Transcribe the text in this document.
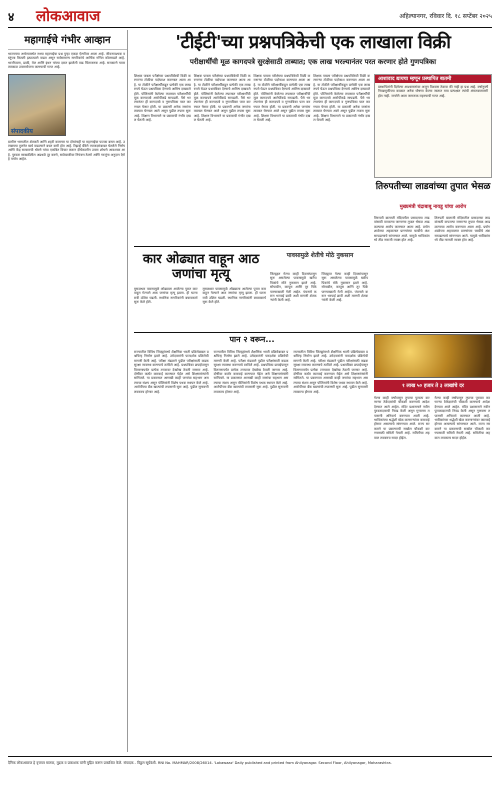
४ लोकआवाज	अहिल्यानगर, रविवार दि. १८ सप्टेंबर २०२५
महागाईचे गंभीर आव्हान
भारताच्या अर्थव्यवस्थेत सध्या महागाईचा प्रश्न पुन्हा एकदा ऐरणीवर आला आहे. जीवनावश्यक वस्तूंच्या किमती झपाट्याने वाढत असून सर्वसामान्य नागरिकांचे आर्थिक गणित कोलमडले आहे. भाजीपाला, डाळी, तेल आणि इंधन यांच्या दरात झालेली वाढ चिंताजनक आहे. सरकारने यावर तात्काळ उपाययोजना करण्याची गरज आहे.
संपादकीय
ग्रामीण भागातील शेतकरी आणि शहरी कामगार या दोघांनाही या महागाईचा फटका बसत आहे. उत्पन्नाच्या तुलनेत खर्च वाढल्याने बचत कमी होत आहे. रिझर्व्ह बँकेने व्याजदरांबाबत घेतलेले निर्णय आणि केंद्र सरकारची धोरणे यांचा एकत्रित विचार करून दीर्घकालीन उपाय शोधणे आवश्यक आहे. पुरवठा साखळीतील अडथळे दूर करणे, साठेबाजीवर नियंत्रण ठेवणे आणि गरजूंना अनुदान देणे हे पर्याय आहेत.
'टीईटी'च्या प्रश्नपत्रिकेची एक लाखाला विक्री
परीक्षार्थींची मूळ कागदपत्रे सुरक्षेसाठी ताब्यात; एक लाख भरल्यानंतर परत करणार होते गुणपत्रिका
शिक्षक पात्रता परीक्षेच्या प्रश्नपत्रिकेची विक्री करणाऱ्या टोळीचा पर्दाफाश करण्यात आला आहे. या टोळीने परीक्षार्थींकडून प्रत्येकी एक लाख रुपये घेऊन प्रश्नपत्रिका देण्याचे आमिष दाखवले होते. पोलिसांनी केलेल्या तपासात परीक्षार्थींची मूळ कागदपत्रे आरोपींकडे सापडली. पैसे भरल्यानंतर ही कागदपत्रे व गुणपत्रिका परत करण्यात येणार होती. या प्रकरणी अनेक जणांना ताब्यात घेण्यात आले असून पुढील तपास सुरू आहे. शिक्षण विभागाने या प्रकाराची गंभीर दखल घेतली आहे.
शिक्षक पात्रता परीक्षेच्या प्रश्नपत्रिकेची विक्री करणाऱ्या टोळीचा पर्दाफाश करण्यात आला आहे. या टोळीने परीक्षार्थींकडून प्रत्येकी एक लाख रुपये घेऊन प्रश्नपत्रिका देण्याचे आमिष दाखवले होते. पोलिसांनी केलेल्या तपासात परीक्षार्थींची मूळ कागदपत्रे आरोपींकडे सापडली. पैसे भरल्यानंतर ही कागदपत्रे व गुणपत्रिका परत करण्यात येणार होती. या प्रकरणी अनेक जणांना ताब्यात घेण्यात आले असून पुढील तपास सुरू आहे. शिक्षण विभागाने या प्रकाराची गंभीर दखल घेतली आहे.
शिक्षक पात्रता परीक्षेच्या प्रश्नपत्रिकेची विक्री करणाऱ्या टोळीचा पर्दाफाश करण्यात आला आहे. या टोळीने परीक्षार्थींकडून प्रत्येकी एक लाख रुपये घेऊन प्रश्नपत्रिका देण्याचे आमिष दाखवले होते. पोलिसांनी केलेल्या तपासात परीक्षार्थींची मूळ कागदपत्रे आरोपींकडे सापडली. पैसे भरल्यानंतर ही कागदपत्रे व गुणपत्रिका परत करण्यात येणार होती. या प्रकरणी अनेक जणांना ताब्यात घेण्यात आले असून पुढील तपास सुरू आहे. शिक्षण विभागाने या प्रकाराची गंभीर दखल घेतली आहे.
शिक्षक पात्रता परीक्षेच्या प्रश्नपत्रिकेची विक्री करणाऱ्या टोळीचा पर्दाफाश करण्यात आला आहे. या टोळीने परीक्षार्थींकडून प्रत्येकी एक लाख रुपये घेऊन प्रश्नपत्रिका देण्याचे आमिष दाखवले होते. पोलिसांनी केलेल्या तपासात परीक्षार्थींची मूळ कागदपत्रे आरोपींकडे सापडली. पैसे भरल्यानंतर ही कागदपत्रे व गुणपत्रिका परत करण्यात येणार होती. या प्रकरणी अनेक जणांना ताब्यात घेण्यात आले असून पुढील तपास सुरू आहे. शिक्षण विभागाने या प्रकाराची गंभीर दखल घेतली आहे.
आशावाद द्यायचा म्हणून प्रस्थापित बातमी
प्रस्थापितांनी दिलेल्या आश्वासनांवर अजून विश्वास ठेवावा की नाही हा प्रश्न आहे. वर्षानुवर्षे निवडणुकीच्या काळात अनेक घोषणा केल्या जातात मात्र प्रत्यक्षात त्यांची अंमलबजावणी होत नाही. जनतेने आता जागरूक राहण्याची गरज आहे.
कार ओढ्यात वाहून आठ जणांचा मृत्यू
मुसळधार पावसामुळे ओढ्याला आलेल्या पुरात कार वाहून गेल्याने आठ जणांचा मृत्यू झाला. ही घटना रात्री उशिरा घडली. स्थानिक नागरिकांनी बचावकार्य सुरू केले होते.
मुसळधार पावसामुळे ओढ्याला आलेल्या पुरात कार वाहून गेल्याने आठ जणांचा मृत्यू झाला. ही घटना रात्री उशिरा घडली. स्थानिक नागरिकांनी बचावकार्य सुरू केले होते.
पावसामुळे शेतीचे मोठे नुकसान
जिल्ह्यात गेल्या काही दिवसांपासून सुरू असलेल्या पावसामुळे खरीप पिकांचे मोठे नुकसान झाले आहे. सोयाबीन, कापूस आणि तूर पिके पाण्याखाली गेली आहेत. पंचनामे करून भरपाई द्यावी अशी मागणी शेतकऱ्यांनी केली आहे.
जिल्ह्यात गेल्या काही दिवसांपासून सुरू असलेल्या पावसामुळे खरीप पिकांचे मोठे नुकसान झाले आहे. सोयाबीन, कापूस आणि तूर पिके पाण्याखाली गेली आहेत. पंचनामे करून भरपाई द्यावी अशी मागणी शेतकऱ्यांनी केली आहे.
तिरुपतीच्या लाडवांच्या तुपात भेसळ
मुख्यमंत्री चंद्राबाबू नायडू यांचा आरोप
तिरुपती बालाजी मंदिरातील प्रसादाच्या लाडवांसाठी वापरल्या जाणाऱ्या तुपात भेसळ आढळल्याचा आरोप करण्यात आला आहे. प्रयोगशाळेच्या अहवालात प्राण्यांच्या चरबीचे अंश सापडल्याचे सांगण्यात आले. यामुळे भाविकांमध्ये तीव्र नाराजी व्यक्त होत आहे.
तिरुपती बालाजी मंदिरातील प्रसादाच्या लाडवांसाठी वापरल्या जाणाऱ्या तुपात भेसळ आढळल्याचा आरोप करण्यात आला आहे. प्रयोगशाळेच्या अहवालात प्राण्यांच्या चरबीचे अंश सापडल्याचे सांगण्यात आले. यामुळे भाविकांमध्ये तीव्र नाराजी व्यक्त होत आहे.
पान २ वरून...
राज्यातील विविध जिल्ह्यांमध्ये शैक्षणिक भरती प्रक्रियेबाबत प्रश्नचिन्ह निर्माण झाले आहे. उमेदवारांनी पारदर्शक प्रक्रियेची मागणी केली आहे. परीक्षा मंडळाने पुढील परीक्षांसाठी कडक सुरक्षा व्यवस्था करण्याचे ठरविले आहे. प्रश्नपत्रिका छपाईपासून वितरणापर्यंत प्रत्येक टप्प्यावर देखरेख ठेवली जाणार आहे. दोषींवर कठोर कारवाई करण्यात येईल असे शिक्षणमंत्र्यांनी सांगितले. या प्रकरणात आणखी काही जणांचा सहभाग असल्याचा संशय असून पोलिसांनी विशेष पथक स्थापन केले आहे. आरोपींच्या बँक खात्यांची तपासणी सुरू आहे. पुढील सुनावणी लवकरच होणार आहे.
राज्यातील विविध जिल्ह्यांमध्ये शैक्षणिक भरती प्रक्रियेबाबत प्रश्नचिन्ह निर्माण झाले आहे. उमेदवारांनी पारदर्शक प्रक्रियेची मागणी केली आहे. परीक्षा मंडळाने पुढील परीक्षांसाठी कडक सुरक्षा व्यवस्था करण्याचे ठरविले आहे. प्रश्नपत्रिका छपाईपासून वितरणापर्यंत प्रत्येक टप्प्यावर देखरेख ठेवली जाणार आहे. दोषींवर कठोर कारवाई करण्यात येईल असे शिक्षणमंत्र्यांनी सांगितले. या प्रकरणात आणखी काही जणांचा सहभाग असल्याचा संशय असून पोलिसांनी विशेष पथक स्थापन केले आहे. आरोपींच्या बँक खात्यांची तपासणी सुरू आहे. पुढील सुनावणी लवकरच होणार आहे.
राज्यातील विविध जिल्ह्यांमध्ये शैक्षणिक भरती प्रक्रियेबाबत प्रश्नचिन्ह निर्माण झाले आहे. उमेदवारांनी पारदर्शक प्रक्रियेची मागणी केली आहे. परीक्षा मंडळाने पुढील परीक्षांसाठी कडक सुरक्षा व्यवस्था करण्याचे ठरविले आहे. प्रश्नपत्रिका छपाईपासून वितरणापर्यंत प्रत्येक टप्प्यावर देखरेख ठेवली जाणार आहे. दोषींवर कठोर कारवाई करण्यात येईल असे शिक्षणमंत्र्यांनी सांगितले. या प्रकरणात आणखी काही जणांचा सहभाग असल्याचा संशय असून पोलिसांनी विशेष पथक स्थापन केले आहे. आरोपींच्या बँक खात्यांची तपासणी सुरू आहे. पुढील सुनावणी लवकरच होणार आहे.
१ लाख ५० हजार ते ३ लाखांचे दर
गेल्या काही वर्षांपासून तुपाचा पुरवठा करणाऱ्या ठेकेदारांची चौकशी करण्याचे आदेश देण्यात आले आहेत. मंदिर प्रशासनाने नवीन पुरवठादाराची निवड केली असून गुणवत्ता तपासणी अनिवार्य करण्यात आली आहे. भाविकांच्या श्रद्धेशी खेळ करणाऱ्यांवर कारवाई होणार असल्याचे सांगण्यात आले. राज्य सरकारने या प्रकरणाची सखोल चौकशी करण्यासाठी समिती नेमली आहे. समितीचा अहवाल लवकरच सादर होईल.
गेल्या काही वर्षांपासून तुपाचा पुरवठा करणाऱ्या ठेकेदारांची चौकशी करण्याचे आदेश देण्यात आले आहेत. मंदिर प्रशासनाने नवीन पुरवठादाराची निवड केली असून गुणवत्ता तपासणी अनिवार्य करण्यात आली आहे. भाविकांच्या श्रद्धेशी खेळ करणाऱ्यांवर कारवाई होणार असल्याचे सांगण्यात आले. राज्य सरकारने या प्रकरणाची सखोल चौकशी करण्यासाठी समिती नेमली आहे. समितीचा अहवाल लवकरच सादर होईल.
दैनिक लोकआवाज हे वृत्तपत्र मालक, मुद्रक व प्रकाशक यांनी मुद्रित करून प्रकाशित केले. संपादक - विठ्ठल सूर्यवंशी. RNI No. MAHMAR/2008/26014. 'Lokawaaz' Daily published and printed from Ahilyanagar. Second Floor, Ahilyanagar, Maharashtra.
